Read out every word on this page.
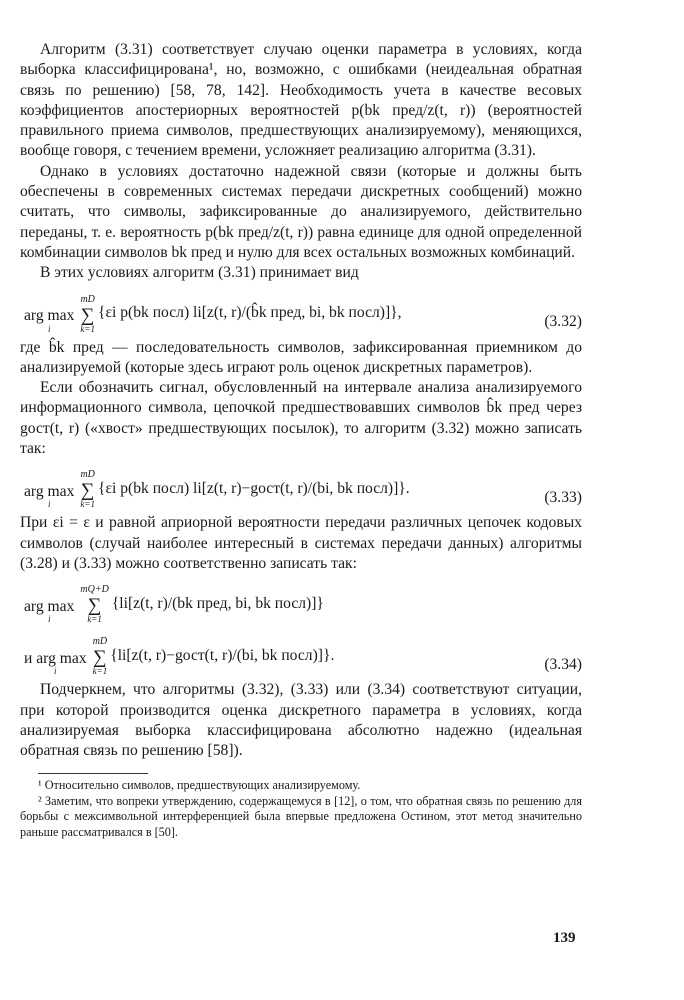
Алгоритм (3.31) соответствует случаю оценки параметра в условиях, когда выборка классифицирована¹, но, возможно, с ошибками (неидеальная обратная связь по решению) [58, 78, 142]. Необходимость учета в качестве весовых коэффициентов апостериорных вероятностей p(bk пред/z(t, r)) (вероятностей правильного приема символов, предшествующих анализируемому), меняющихся, вообще говоря, с течением времени, усложняет реализацию алгоритма (3.31).

Однако в условиях достаточно надежной связи (которые и должны быть обеспечены в современных системах передачи дискретных сообщений) можно считать, что символы, зафиксированные до анализируемого, действительно переданы, т. е. вероятность p(bk пред/z(t, r)) равна единице для одной определенной комбинации символов bk пред и нулю для всех остальных возможных комбинаций.

В этих условиях алгоритм (3.31) принимает вид

arg max
i
mD
∑
k=1
{εi p(bk посл) li[z(t, r)/(b̂k пред, bi, bk посл)]},
(3.32)

где b̂k пред — последовательность символов, зафиксированная приемником до анализируемой (которые здесь играют роль оценок дискретных параметров).

Если обозначить сигнал, обусловленный на интервале анализа анализируемого информационного символа, цепочкой предшествовавших символов b̂k пред через gост(t, r) («хвост» предшествующих посылок), то алгоритм (3.32) можно записать так:

arg max
i
mD
∑
k=1
{εi p(bk посл) li[z(t, r)−gост(t, r)/(bi, bk посл)]}.
(3.33)

При εi = ε и равной априорной вероятности передачи различных цепочек кодовых символов (случай наиболее интересный в системах передачи данных) алгоритмы (3.28) и (3.33) можно соответственно записать так:

arg max
i
mQ+D
∑
k=1
{li[z(t, r)/(bk пред, bi, bk посл)]}
и arg max
i
mD
∑
k=1
{li[z(t, r)−gост(t, r)/(bi, bk посл)]}.
(3.34)

Подчеркнем, что алгоритмы (3.32), (3.33) или (3.34) соответствуют ситуации, при которой производится оценка дискретного параметра в условиях, когда анализируемая выборка классифицирована абсолютно надежно (идеальная обратная связь по решению [58]).

¹ Относительно символов, предшествующих анализируемому.

² Заметим, что вопреки утверждению, содержащемуся в [12], о том, что обратная связь по решению для борьбы с межсимвольной интерференцией была впервые предложена Остином, этот метод значительно раньше рассматривался в [50].

139
